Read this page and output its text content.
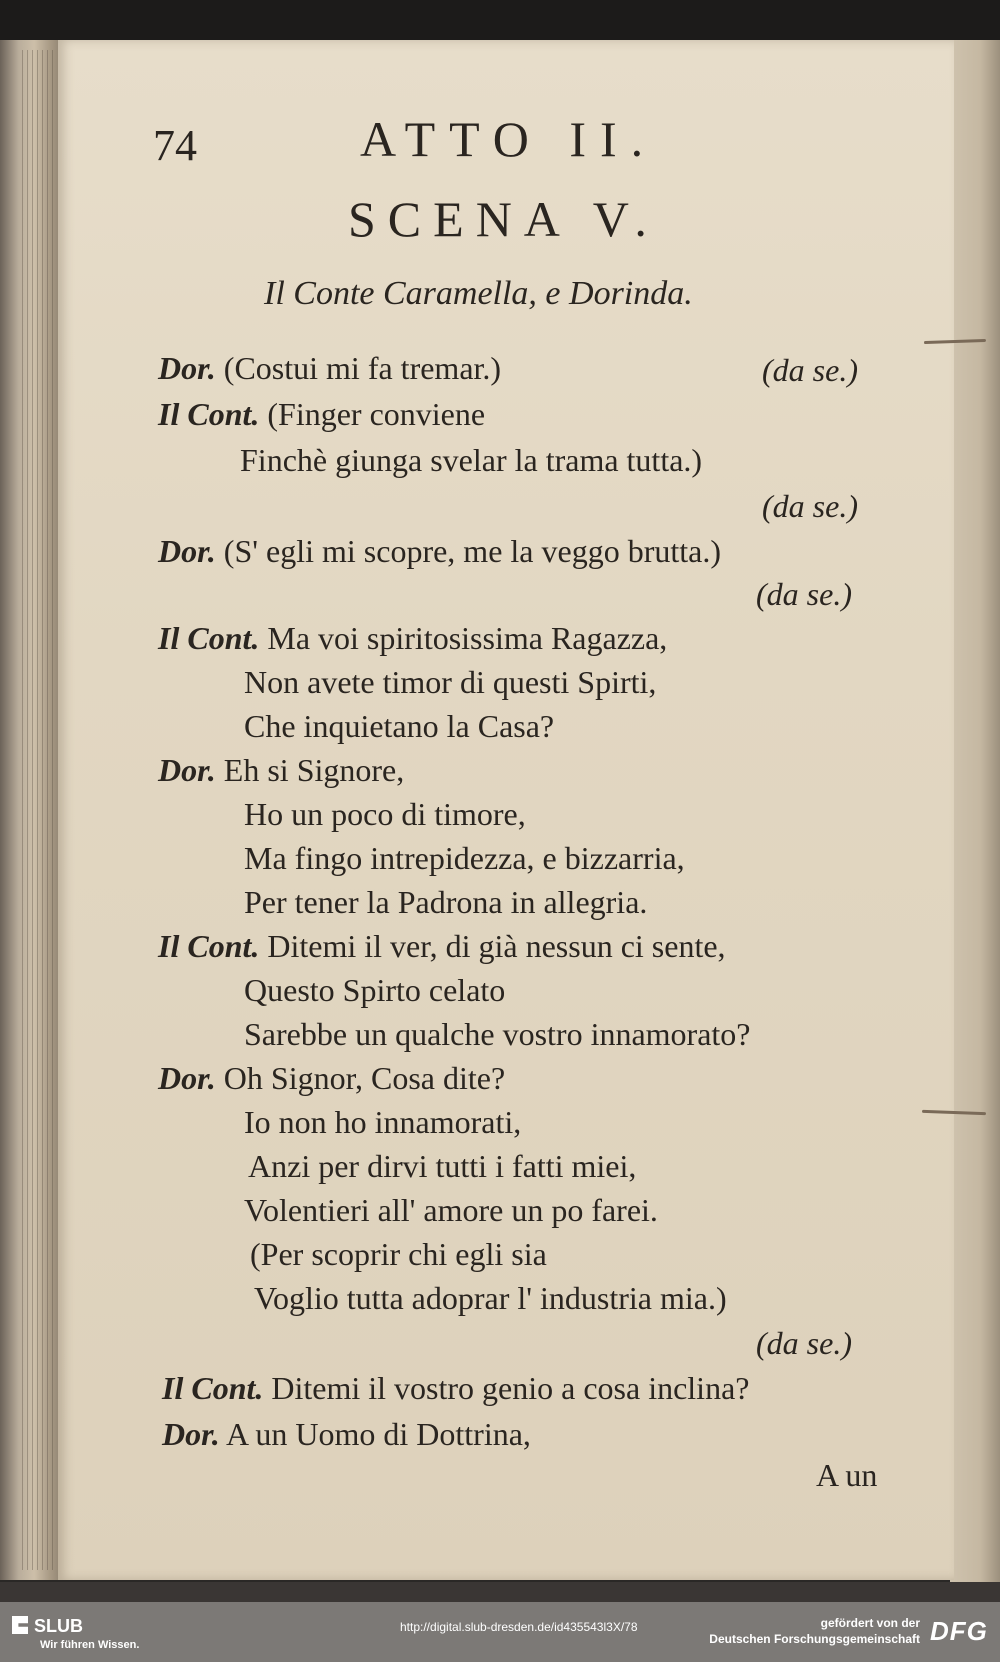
74	ATTO II.
SCENA V.
Il Conte Caramella, e Dorinda.
Dor. (Costui mi fa tremar.)	(da se.)
Il Cont. (Finger conviene
Finchè giunga svelar la trama tutta.)
(da se.)
Dor. (S' egli mi scopre, me la veggo brutta.)
(da se.)
Il Cont. Ma voi spiritosissima Ragazza,
Non avete timor di questi Spirti,
Che inquietano la Casa?
Dor. Eh si Signore,
Ho un poco di timore,
Ma fingo intrepidezza, e bizzarria,
Per tener la Padrona in allegria.
Il Cont. Ditemi il ver, di già nessun ci sente,
Questo Spirto celato
Sarebbe un qualche vostro innamorato?
Dor. Oh Signor, Cosa dite?
Io non ho innamorati,
Anzi per dirvi tutti i fatti miei,
Volentieri all' amore un po farei.
(Per scoprir chi egli sia
Voglio tutta adoprar l' industria mia.)
(da se.)
Il Cont. Ditemi il vostro genio a cosa inclina?
Dor. A un Uomo di Dottrina,
A un
SLUB
Wir führen Wissen.
http://digital.slub-dresden.de/id435543l3X/78	gefördert von der
Deutschen Forschungsgemeinschaft DFG
